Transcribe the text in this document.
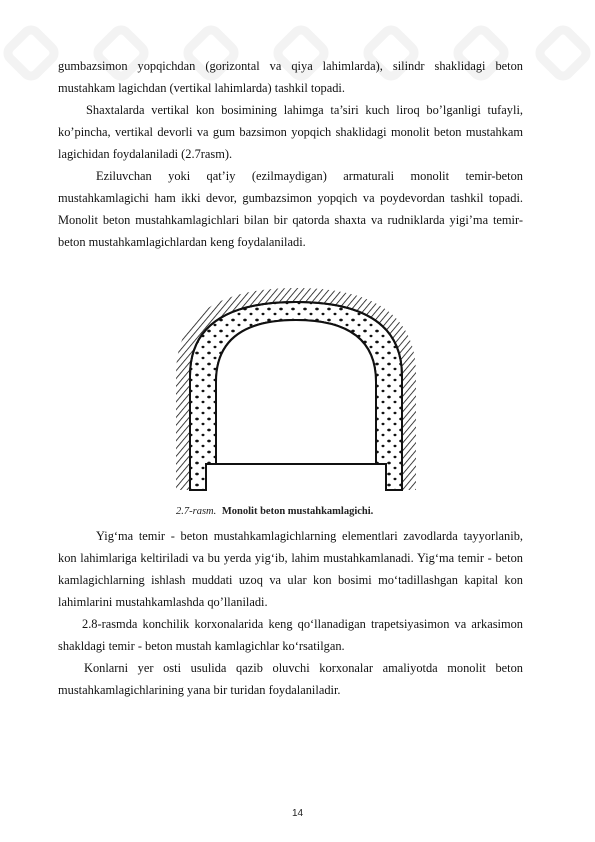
gumbazsimon yopqichdan (gorizontal va qiya lahimlarda), silindr shaklidagi beton mustahkam lagichdan (vertikal lahimlarda) tashkil topadi.

Shaxtalarda vertikal kon bosimining lahimga ta’siri kuch liroq bo’lganligi tufayli, ko’pincha, vertikal devorli va gum bazsimon yopqich shaklidagi monolit beton mustahkam lagichidan foydalaniladi (2.7rasm).

Eziluvchan yoki qat’iy (ezilmaydigan) armaturali monolit temir-beton mustahkamlagichi ham ikki devor, gumbazsimon yopqich va poydevordan tashkil topadi. Monolit beton mustahkamlagichlari bilan bir qatorda shaxta va rudniklarda yigi’ma temir-beton mustahkamlagichlardan keng foydalaniladi.

2.7-rasm. Monolit beton mustahkamlagichi.

Yig‘ma temir - beton mustahkamlagichlarning elementlari zavodlarda tayyorlanib, kon lahimlariga keltiriladi va bu yerda yig‘ib, lahim mustahkamlanadi. Yig‘ma temir - beton kamlagichlarning ishlash muddati uzoq va ular kon bosimi mo‘tadillashgan kapital kon lahimlarini mustahkamlashda qo’llaniladi.

2.8-rasmda konchilik korxonalarida keng qo‘llanadigan trapetsiyasimon va arkasimon shakldagi temir - beton mustah kamlagichlar ko‘rsatilgan.

Konlarni yer osti usulida qazib oluvchi korxonalar amaliyotda monolit beton mustahkamlagichlarining yana bir turidan foydalaniladir.

14
